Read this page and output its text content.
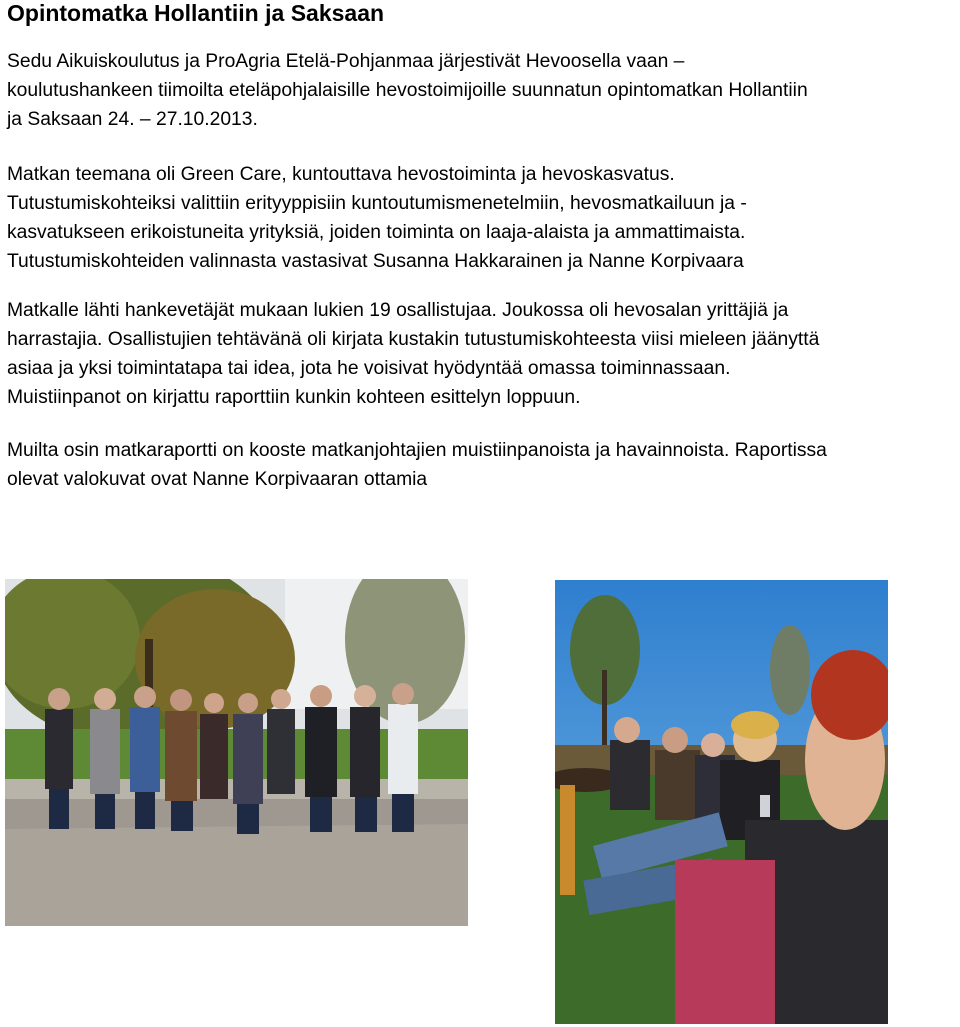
Opintomatka Hollantiin ja Saksaan

Sedu Aikuiskoulutus ja ProAgria Etelä-Pohjanmaa järjestivät Hevoosella vaan –
koulutushankeen tiimoilta eteläpohjalaisille hevostoimijoille suunnatun opintomatkan Hollantiin
ja Saksaan 24. – 27.10.2013.

Matkan teemana oli Green Care, kuntouttava hevostoiminta ja hevoskasvatus.
Tutustumiskohteiksi valittiin erityyppisiin kuntoutumismenetelmiin, hevosmatkailuun ja -
kasvatukseen erikoistuneita yrityksiä, joiden toiminta on laaja-alaista ja ammattimaista.
Tutustumiskohteiden valinnasta vastasivat Susanna Hakkarainen ja Nanne Korpivaara

Matkalle lähti hankevetäjät mukaan lukien 19 osallistujaa. Joukossa oli hevosalan yrittäjiä ja
harrastajia. Osallistujien tehtävänä oli kirjata kustakin tutustumiskohteesta viisi mieleen jäänyttä
asiaa ja yksi toimintatapa tai idea, jota he voisivat hyödyntää omassa toiminnassaan.
Muistiinpanot on kirjattu raporttiin kunkin kohteen esittelyn loppuun.

Muilta osin matkaraportti on kooste matkanjohtajien muistiinpanoista ja havainnoista. Raportissa
olevat valokuvat ovat Nanne Korpivaaran ottamia
